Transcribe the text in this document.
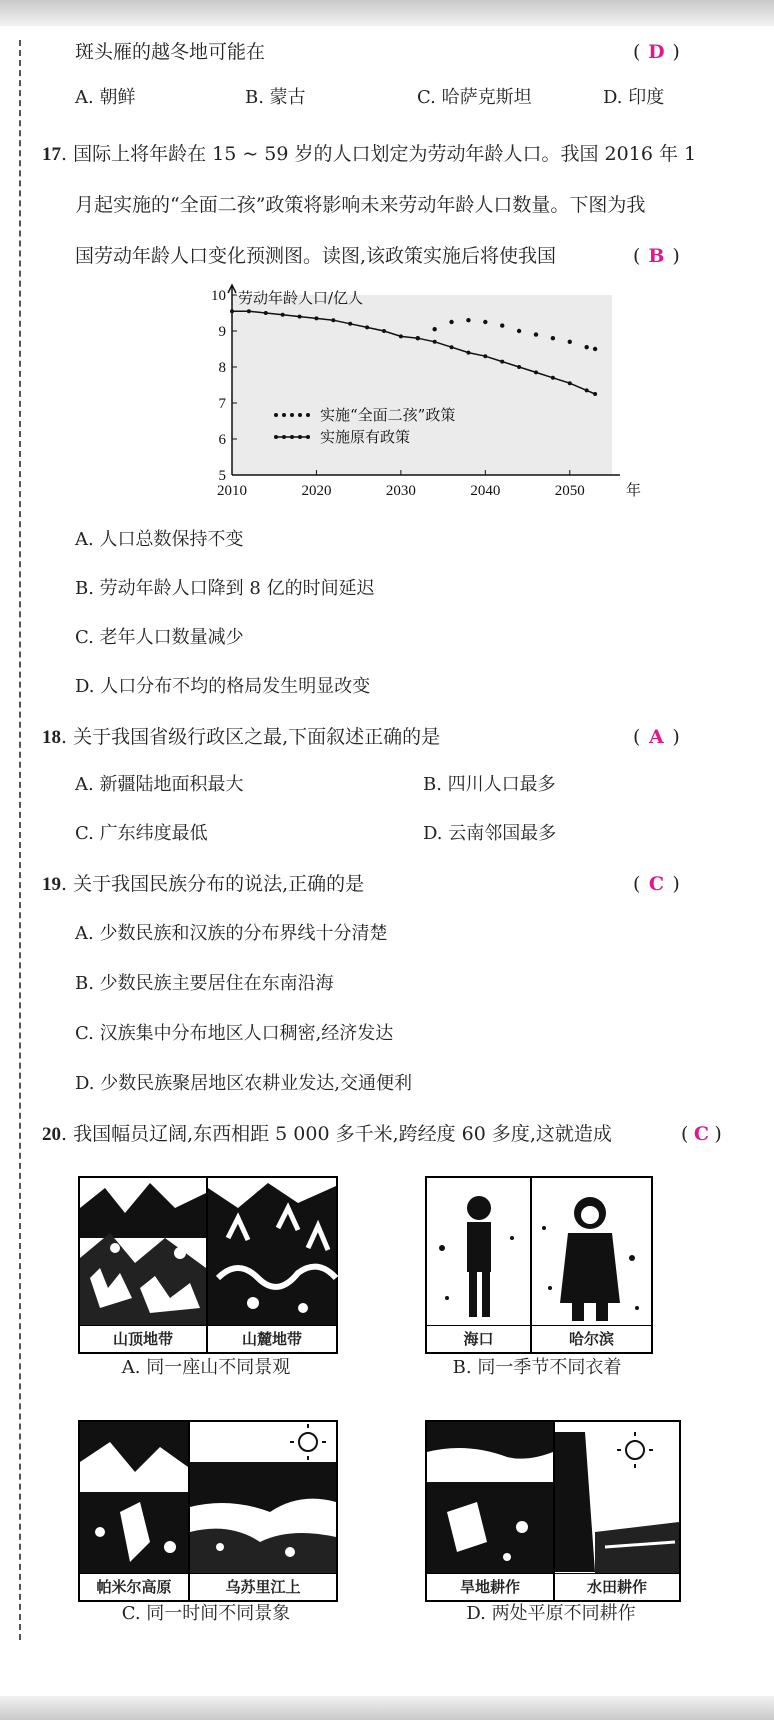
斑头雁的越冬地可能在	( D )
A. 朝鲜	B. 蒙古	C. 哈萨克斯坦	D. 印度
17. 国际上将年龄在 15 ~ 59 岁的人口划定为劳动年龄人口。我国 2016 年 1
月起实施的“全面二孩”政策将影响未来劳动年龄人口数量。下图为我
国劳动年龄人口变化预测图。读图,该政策实施后将使我国	( B )
5
6
7
8
9
10
2010	2020	2030	2040	2050
劳动年龄人口/亿人
年
实施“全面二孩”政策
实施原有政策
A. 人口总数保持不变
B. 劳动年龄人口降到 8 亿的时间延迟
C. 老年人口数量减少
D. 人口分布不均的格局发生明显改变
18. 关于我国省级行政区之最,下面叙述正确的是	( A )
A. 新疆陆地面积最大	B. 四川人口最多
C. 广东纬度最低	D. 云南邻国最多
19. 关于我国民族分布的说法,正确的是	( C )
A. 少数民族和汉族的分布界线十分清楚
B. 少数民族主要居住在东南沿海
C. 汉族集中分布地区人口稠密,经济发达
D. 少数民族聚居地区农耕业发达,交通便利
20. 我国幅员辽阔,东西相距 5 000 多千米,跨经度 60 多度,这就造成	( C )
山顶地带	山麓地带
A. 同一座山不同景观
海口	哈尔滨
B. 同一季节不同衣着
帕米尔高原	乌苏里江上
C. 同一时间不同景象
旱地耕作	水田耕作
D. 两处平原不同耕作
